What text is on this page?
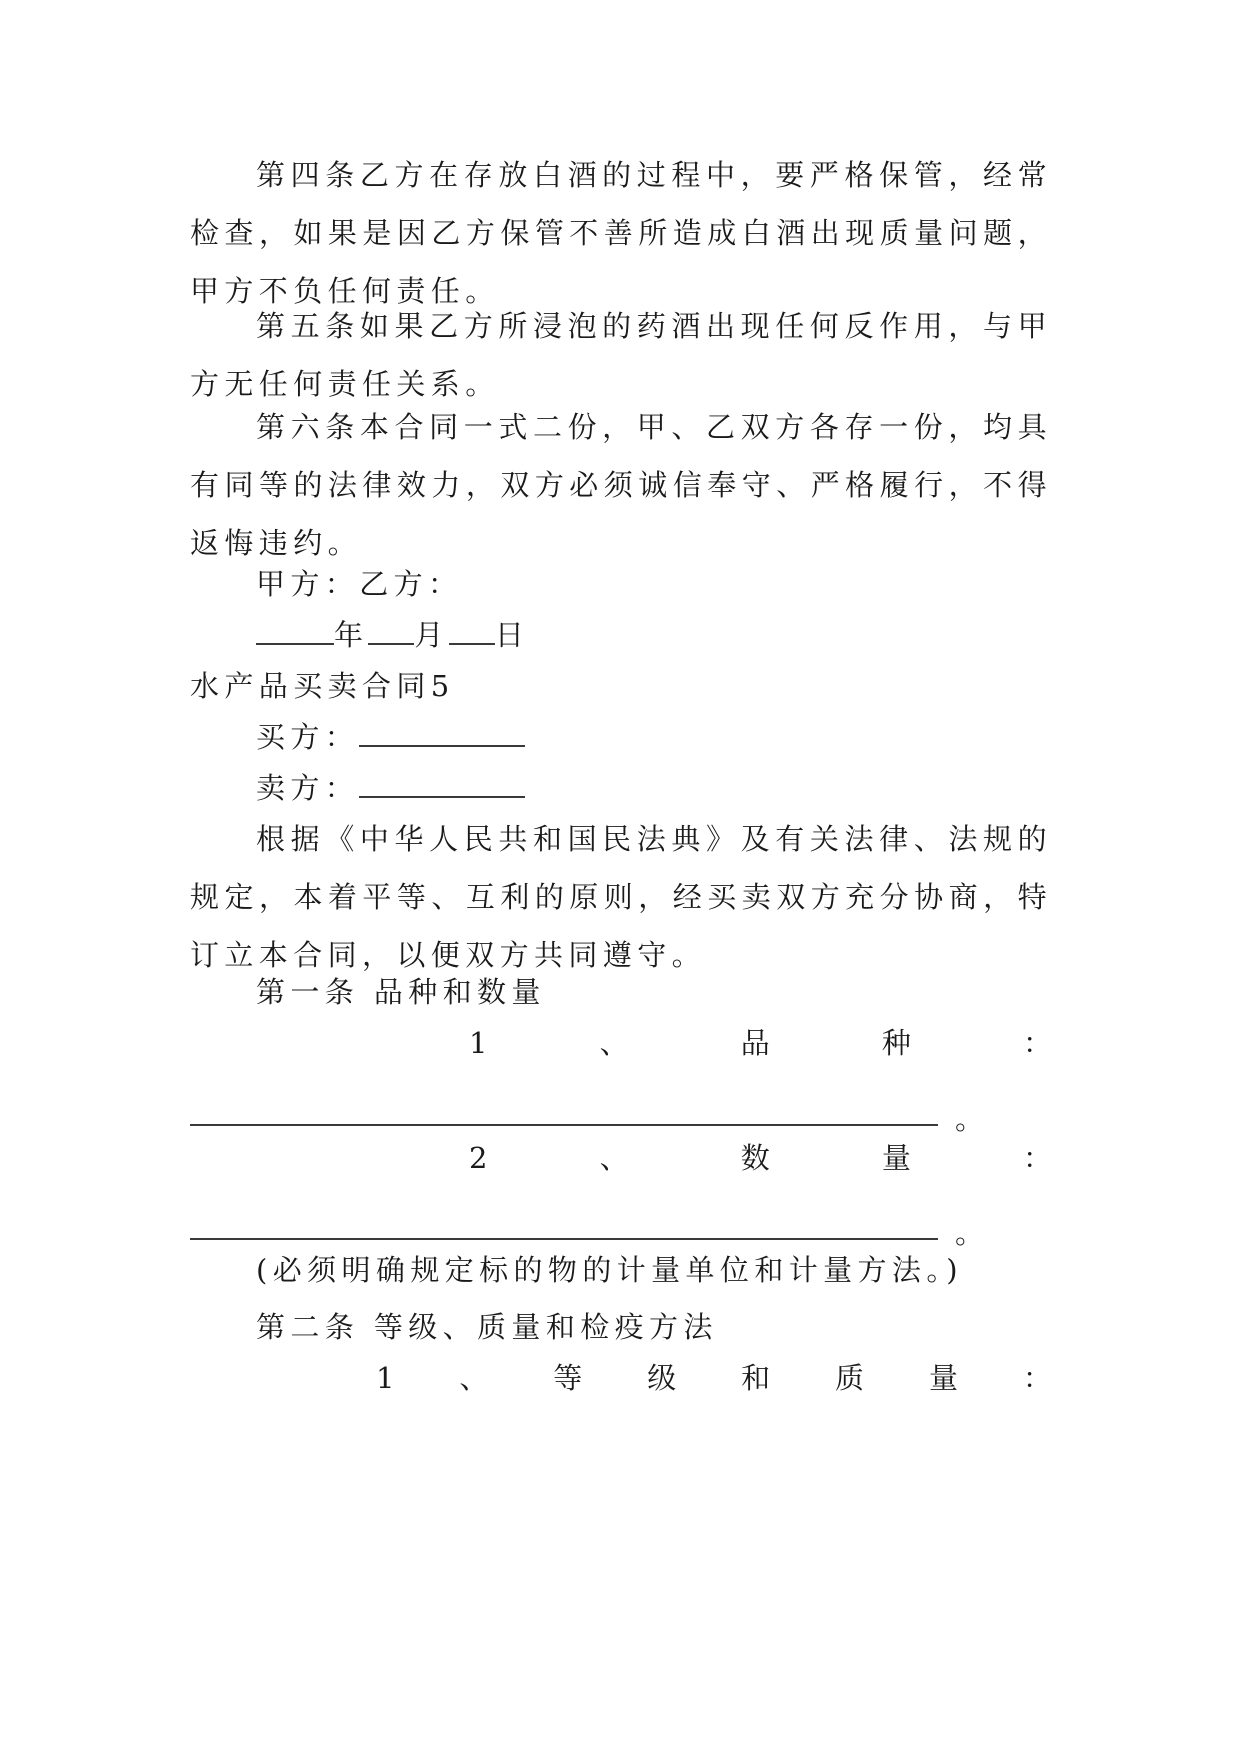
第四条乙方在存放白酒的过程中，要严格保管，经常检查，如果是因乙方保管不善所造成白酒出现质量问题，甲方不负任何责任。

第五条如果乙方所浸泡的药酒出现任何反作用，与甲方无任何责任关系。

第六条本合同一式二份，甲、乙双方各存一份，均具有同等的法律效力，双方必须诚信奉守、严格履行，不得返悔违约。

甲方：乙方：

年 月 日

水产品买卖合同5

买方：

卖方：

根据《中华人民共和国民法典》及有关法律、法规的规定，本着平等、互利的原则，经买卖双方充分协商，特订立本合同，以便双方共同遵守。

第一条 品种和数量

1	、	品	种	：
。
2	、	数	量	：
。

(必须明确规定标的物的计量单位和计量方法。)

第二条 等级、质量和检疫方法

1 、 等 级 和 质 量 ：
